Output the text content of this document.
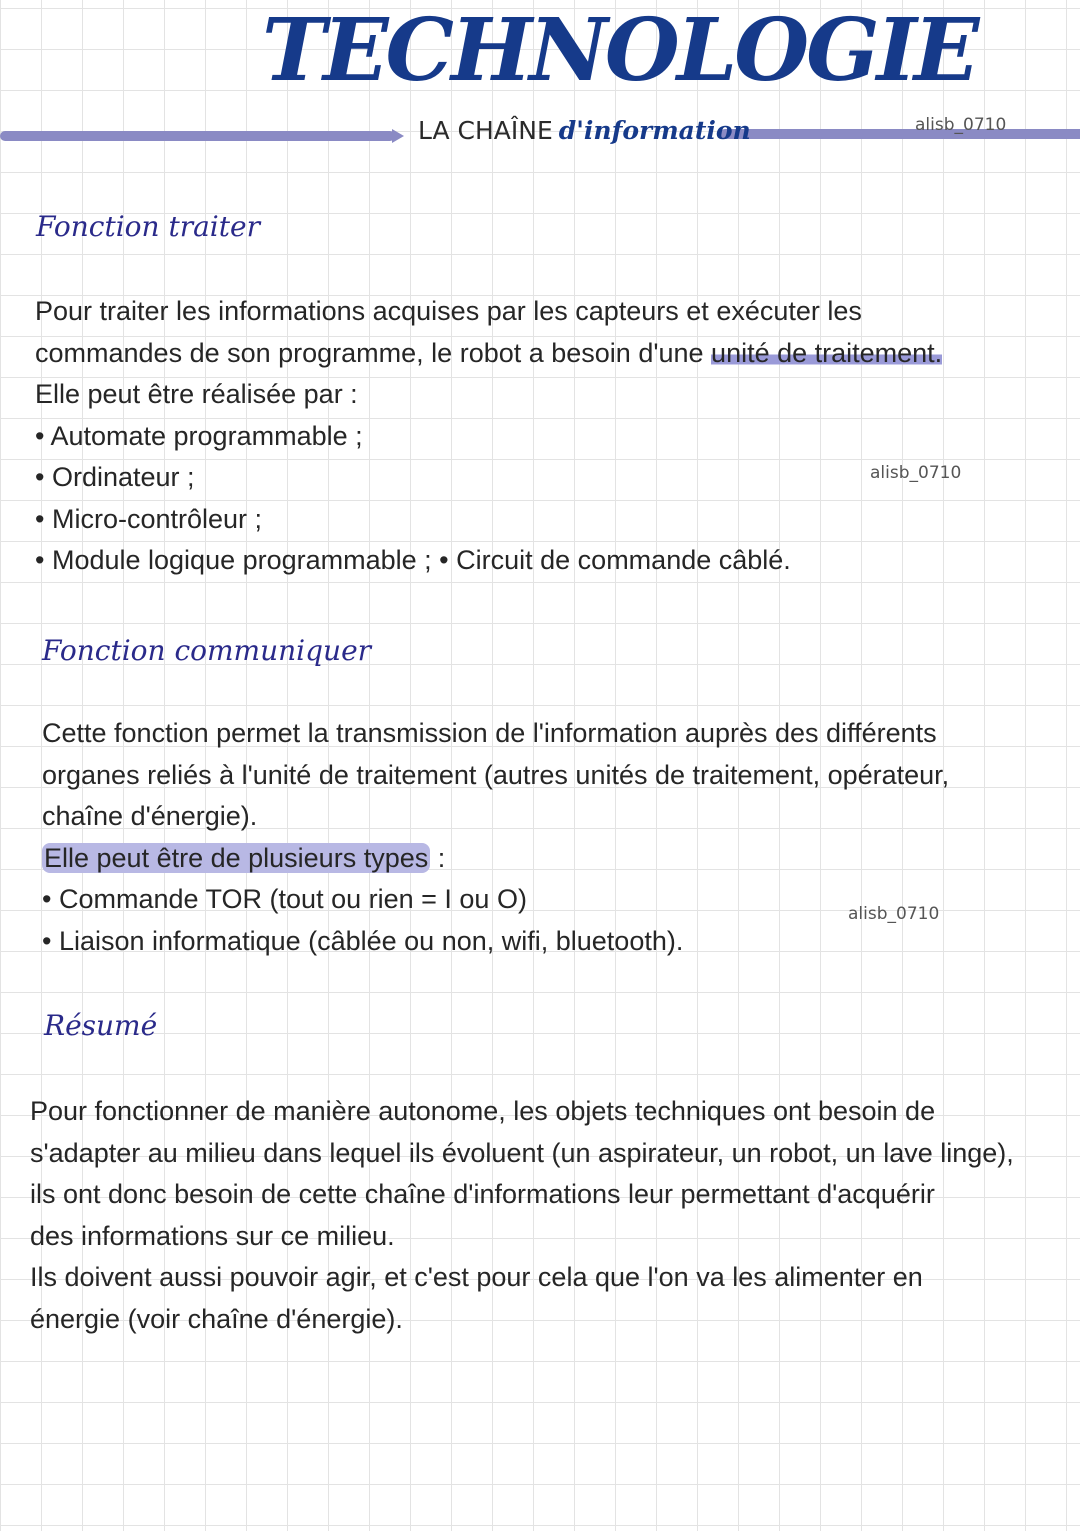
TECHNOLOGIE
LA CHAÎNE d'information	alisb_0710
Fonction traiter

Pour traiter les informations acquises par les capteurs et exécuter les

commandes de son programme, le robot a besoin d'une unité de traitement.

Elle peut être réalisée par :

• Automate programmable ;

• Ordinateur ;

• Micro-contrôleur ;

• Module logique programmable ; • Circuit de commande câblé.

alisb_0710
Fonction communiquer

Cette fonction permet la transmission de l'information auprès des différents

organes reliés à l'unité de traitement (autres unités de traitement, opérateur,

chaîne d'énergie).

Elle peut être de plusieurs types :

• Commande TOR (tout ou rien = I ou O)

• Liaison informatique (câblée ou non, wifi, bluetooth).

alisb_0710
Résumé

Pour fonctionner de manière autonome, les objets techniques ont besoin de

s'adapter au milieu dans lequel ils évoluent (un aspirateur, un robot, un lave linge),

ils ont donc besoin de cette chaîne d'informations leur permettant d'acquérir

des informations sur ce milieu.

Ils doivent aussi pouvoir agir, et c'est pour cela que l'on va les alimenter en

énergie (voir chaîne d'énergie).
